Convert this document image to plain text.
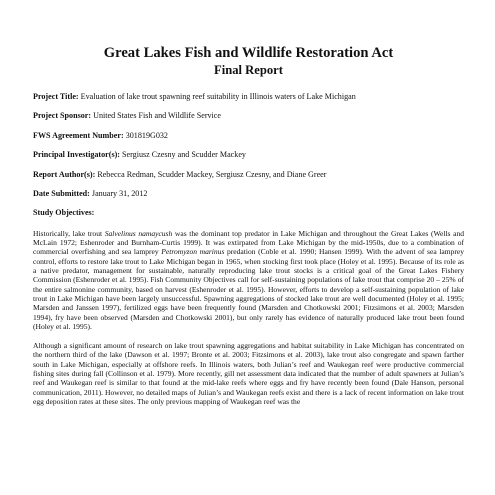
Great Lakes Fish and Wildlife Restoration Act
Final Report

Project Title: Evaluation of lake trout spawning reef suitability in Illinois waters of Lake Michigan

Project Sponsor: United States Fish and Wildlife Service

FWS Agreement Number: 301819G032

Principal Investigator(s): Sergiusz Czesny and Scudder Mackey

Report Author(s): Rebecca Redman, Scudder Mackey, Sergiusz Czesny, and Diane Greer

Date Submitted: January 31, 2012

Study Objectives:

Historically, lake trout Salvelinus namaycush was the dominant top predator in Lake Michigan and throughout the Great Lakes (Wells and McLain 1972; Eshenroder and Burnham-Curtis 1999). It was extirpated from Lake Michigan by the mid-1950s, due to a combination of commercial overfishing and sea lamprey Petromyzon marinus predation (Coble et al. 1990; Hansen 1999). With the advent of sea lamprey control, efforts to restore lake trout to Lake Michigan began in 1965, when stocking first took place (Holey et al. 1995). Because of its role as a native predator, management for sustainable, naturally reproducing lake trout stocks is a critical goal of the Great Lakes Fishery Commission (Eshenroder et al. 1995). Fish Community Objectives call for self-sustaining populations of lake trout that comprise 20 – 25% of the entire salmonine community, based on harvest (Eshenroder et al. 1995). However, efforts to develop a self-sustaining population of lake trout in Lake Michigan have been largely unsuccessful. Spawning aggregations of stocked lake trout are well documented (Holey et al. 1995; Marsden and Janssen 1997), fertilized eggs have been frequently found (Marsden and Chotkowski 2001; Fitzsimons et al. 2003; Marsden 1994), fry have been observed (Marsden and Chotkowski 2001), but only rarely has evidence of naturally produced lake trout been found (Holey et al. 1995).

Although a significant amount of research on lake trout spawning aggregations and habitat suitability in Lake Michigan has concentrated on the northern third of the lake (Dawson et al. 1997; Bronte et al. 2003; Fitzsimons et al. 2003), lake trout also congregate and spawn farther south in Lake Michigan, especially at offshore reefs. In Illinois waters, both Julian’s reef and Waukegan reef were productive commercial fishing sites during fall (Collinson et al. 1979). More recently, gill net assessment data indicated that the number of adult spawners at Julian’s reef and Waukegan reef is similar to that found at the mid-lake reefs where eggs and fry have recently been found (Dale Hanson, personal communication, 2011). However, no detailed maps of Julian’s and Waukegan reefs exist and there is a lack of recent information on lake trout egg deposition rates at these sites. The only previous mapping of Waukegan reef was the
